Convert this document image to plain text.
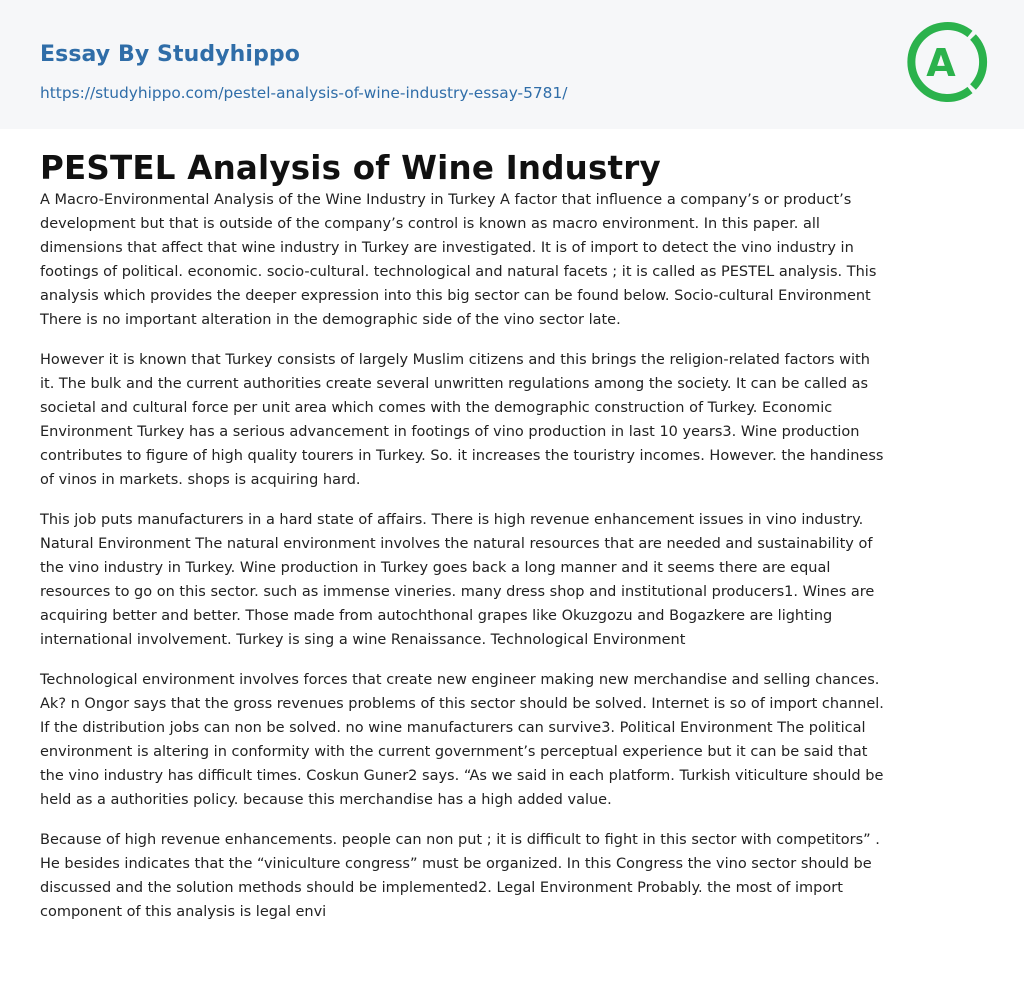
Essay By Studyhippo
https://studyhippo.com/pestel-analysis-of-wine-industry-essay-5781/
A
PESTEL Analysis of Wine Industry

A Macro-Environmental Analysis of the Wine Industry in Turkey A factor that influence a company’s or product’s
development but that is outside of the company’s control is known as macro environment. In this paper. all
dimensions that affect that wine industry in Turkey are investigated. It is of import to detect the vino industry in
footings of political. economic. socio-cultural. technological and natural facets ; it is called as PESTEL analysis. This
analysis which provides the deeper expression into this big sector can be found below. Socio-cultural Environment
There is no important alteration in the demographic side of the vino sector late.

However it is known that Turkey consists of largely Muslim citizens and this brings the religion-related factors with
it. The bulk and the current authorities create several unwritten regulations among the society. It can be called as
societal and cultural force per unit area which comes with the demographic construction of Turkey. Economic
Environment Turkey has a serious advancement in footings of vino production in last 10 years3. Wine production
contributes to figure of high quality tourers in Turkey. So. it increases the touristry incomes. However. the handiness
of vinos in markets. shops is acquiring hard.

This job puts manufacturers in a hard state of affairs. There is high revenue enhancement issues in vino industry.
Natural Environment The natural environment involves the natural resources that are needed and sustainability of
the vino industry in Turkey. Wine production in Turkey goes back a long manner and it seems there are equal
resources to go on this sector. such as immense vineries. many dress shop and institutional producers1. Wines are
acquiring better and better. Those made from autochthonal grapes like Okuzgozu and Bogazkere are lighting
international involvement. Turkey is sing a wine Renaissance. Technological Environment

Technological environment involves forces that create new engineer making new merchandise and selling chances.
Ak? n Ongor says that the gross revenues problems of this sector should be solved. Internet is so of import channel.
If the distribution jobs can non be solved. no wine manufacturers can survive3. Political Environment The political
environment is altering in conformity with the current government’s perceptual experience but it can be said that
the vino industry has difficult times. Coskun Guner2 says. “As we said in each platform. Turkish viticulture should be
held as a authorities policy. because this merchandise has a high added value.

Because of high revenue enhancements. people can non put ; it is difficult to fight in this sector with competitors” .
He besides indicates that the “viniculture congress” must be organized. In this Congress the vino sector should be
discussed and the solution methods should be implemented2. Legal Environment Probably. the most of import
component of this analysis is legal envi
